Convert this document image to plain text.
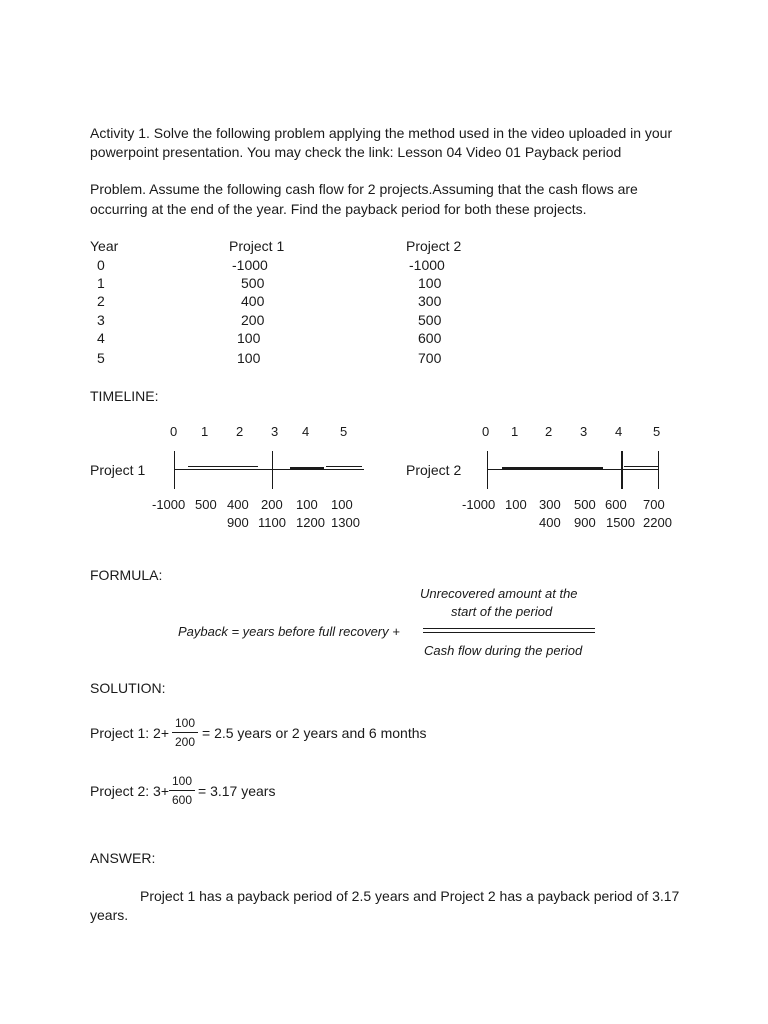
Activity 1. Solve the following problem applying the method used in the video uploaded in your
powerpoint presentation. You may check the link: Lesson 04 Video 01 Payback period
Problem. Assume the following cash flow for 2 projects.Assuming that the cash flows are
occurring at the end of the year. Find the payback period for both these projects.
Year	Project 1	Project 2
0	-1000	-1000
1	500	100
2	400	300
3	200	500
4	100	600
5	100	700
TIMELINE:
0 1 2 3 4 5
Project 1
-1000 500 400 200 100 100
900 1100 1200 1300
0 1 2 3 4 5
Project 2
-1000 100 300 500 600 700
400 900 1500 2200
FORMULA:
Unrecovered amount at the
start of the period
Payback = years before full recovery +
Cash flow during the period
SOLUTION:
Project 1: 2+
100
200
= 2.5 years or 2 years and 6 months
Project 2: 3+
100
600
= 3.17 years
ANSWER:
Project 1 has a payback period of 2.5 years and Project 2 has a payback period of 3.17
years.
